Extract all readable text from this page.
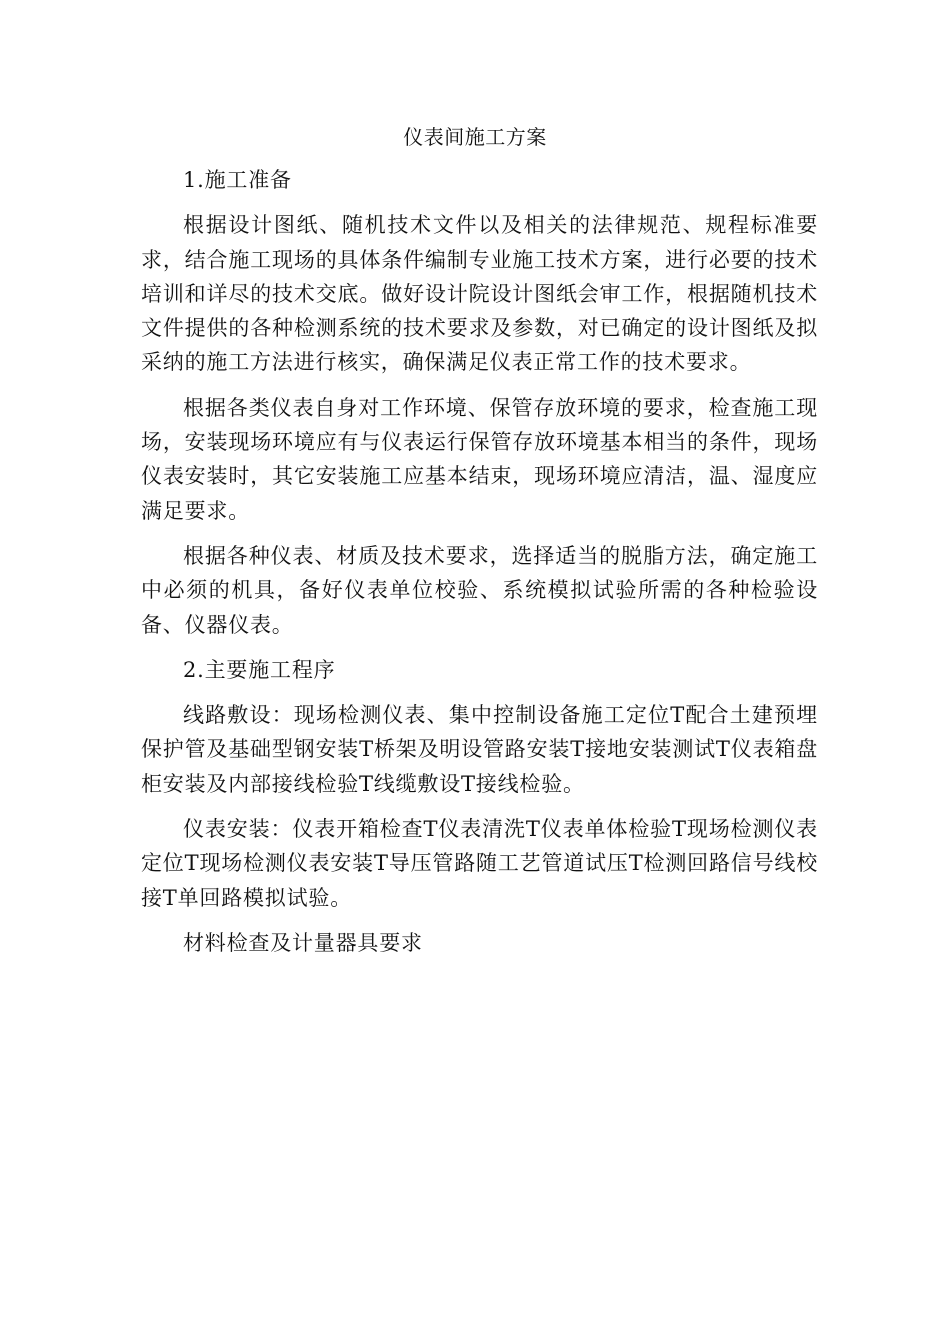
仪表间施工方案

1.施工准备

根据设计图纸、随机技术文件以及相关的法律规范、规程标准要求，结合施工现场的具体条件编制专业施工技术方案，进行必要的技术培训和详尽的技术交底。做好设计院设计图纸会审工作，根据随机技术文件提供的各种检测系统的技术要求及参数，对已确定的设计图纸及拟采纳的施工方法进行核实，确保满足仪表正常工作的技术要求。

根据各类仪表自身对工作环境、保管存放环境的要求，检查施工现场，安装现场环境应有与仪表运行保管存放环境基本相当的条件，现场仪表安装时，其它安装施工应基本结束，现场环境应清洁，温、湿度应满足要求。

根据各种仪表、材质及技术要求，选择适当的脱脂方法，确定施工中必须的机具，备好仪表单位校验、系统模拟试验所需的各种检验设备、仪器仪表。

2.主要施工程序

线路敷设：现场检测仪表、集中控制设备施工定位T配合土建预埋保护管及基础型钢安装T桥架及明设管路安装T接地安装测试T仪表箱盘柜安装及内部接线检验T线缆敷设T接线检验。

仪表安装：仪表开箱检查T仪表清洗T仪表单体检验T现场检测仪表定位T现场检测仪表安装T导压管路随工艺管道试压T检测回路信号线校接T单回路模拟试验。

材料检查及计量器具要求
